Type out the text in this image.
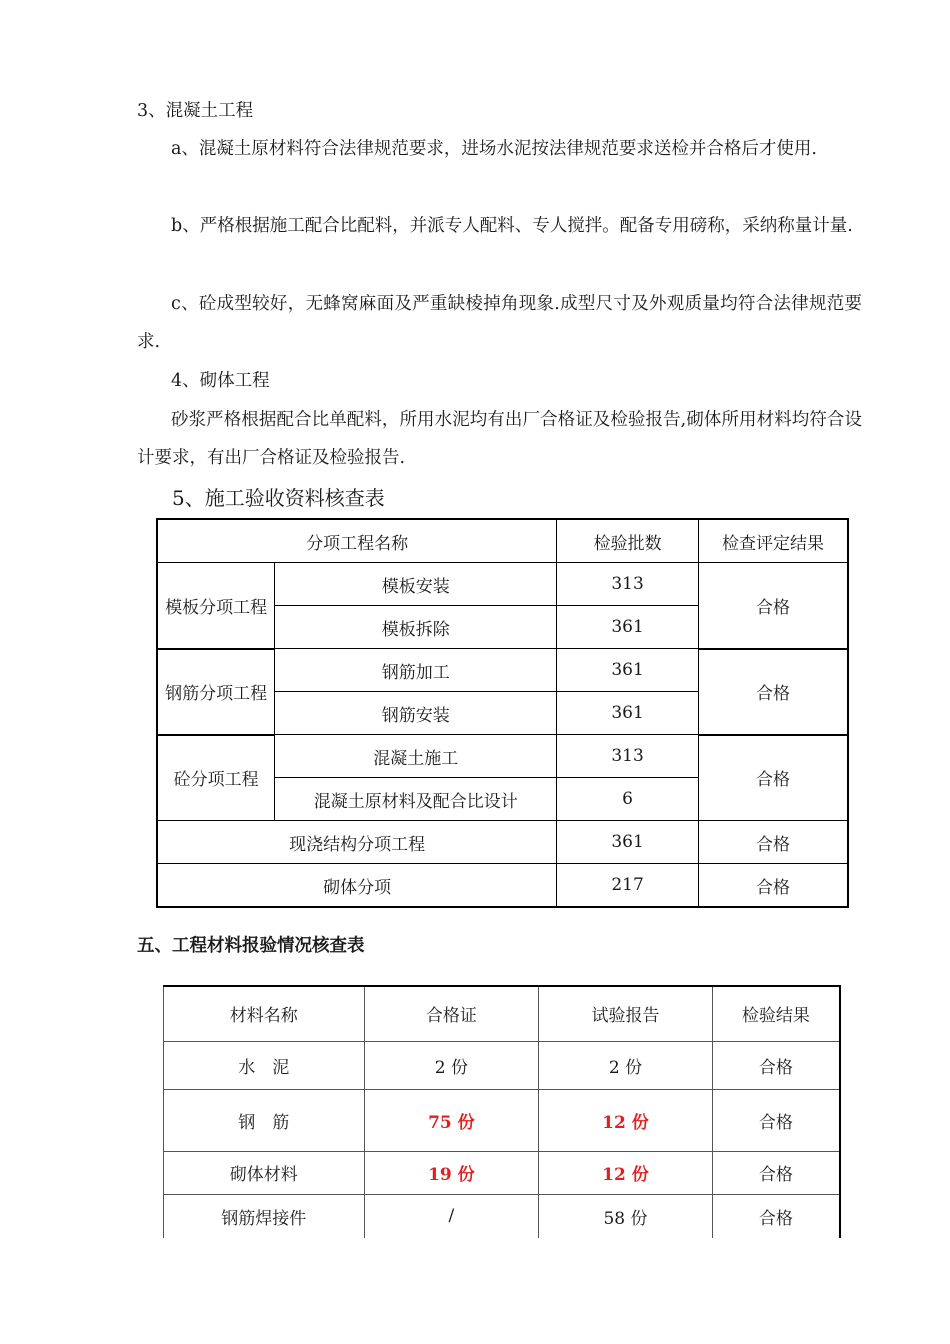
3、混凝土工程

a、混凝土原材料符合法律规范要求，进场水泥按法律规范要求送检并合格后才使用.

b、严格根据施工配合比配料，并派专人配料、专人搅拌。配备专用磅称，采纳称量计量.

c、砼成型较好，无蜂窝麻面及严重缺棱掉角现象.成型尺寸及外观质量均符合法律规范要求.

4、砌体工程

砂浆严格根据配合比单配料，所用水泥均有出厂合格证及检验报告,砌体所用材料均符合设计要求，有出厂合格证及检验报告.

5、施工验收资料核查表
分项工程名称		检验批数	检查评定结果
模板分项工程	模板安装	313	合格
	模板拆除	361	
钢筋分项工程	钢筋加工	361	合格
	钢筋安装	361	
砼分项工程	混凝土施工	313	合格
	混凝土原材料及配合比设计	6	
现浇结构分项工程		361	合格
砌体分项		217	合格
五、工程材料报验情况核查表
材料名称	合格证	试验报告	检验结果
水　泥	2 份	2 份	合格
钢　筋	75 份	12 份	合格
砌体材料	19 份	12 份	合格
钢筋焊接件	/	58 份	合格
